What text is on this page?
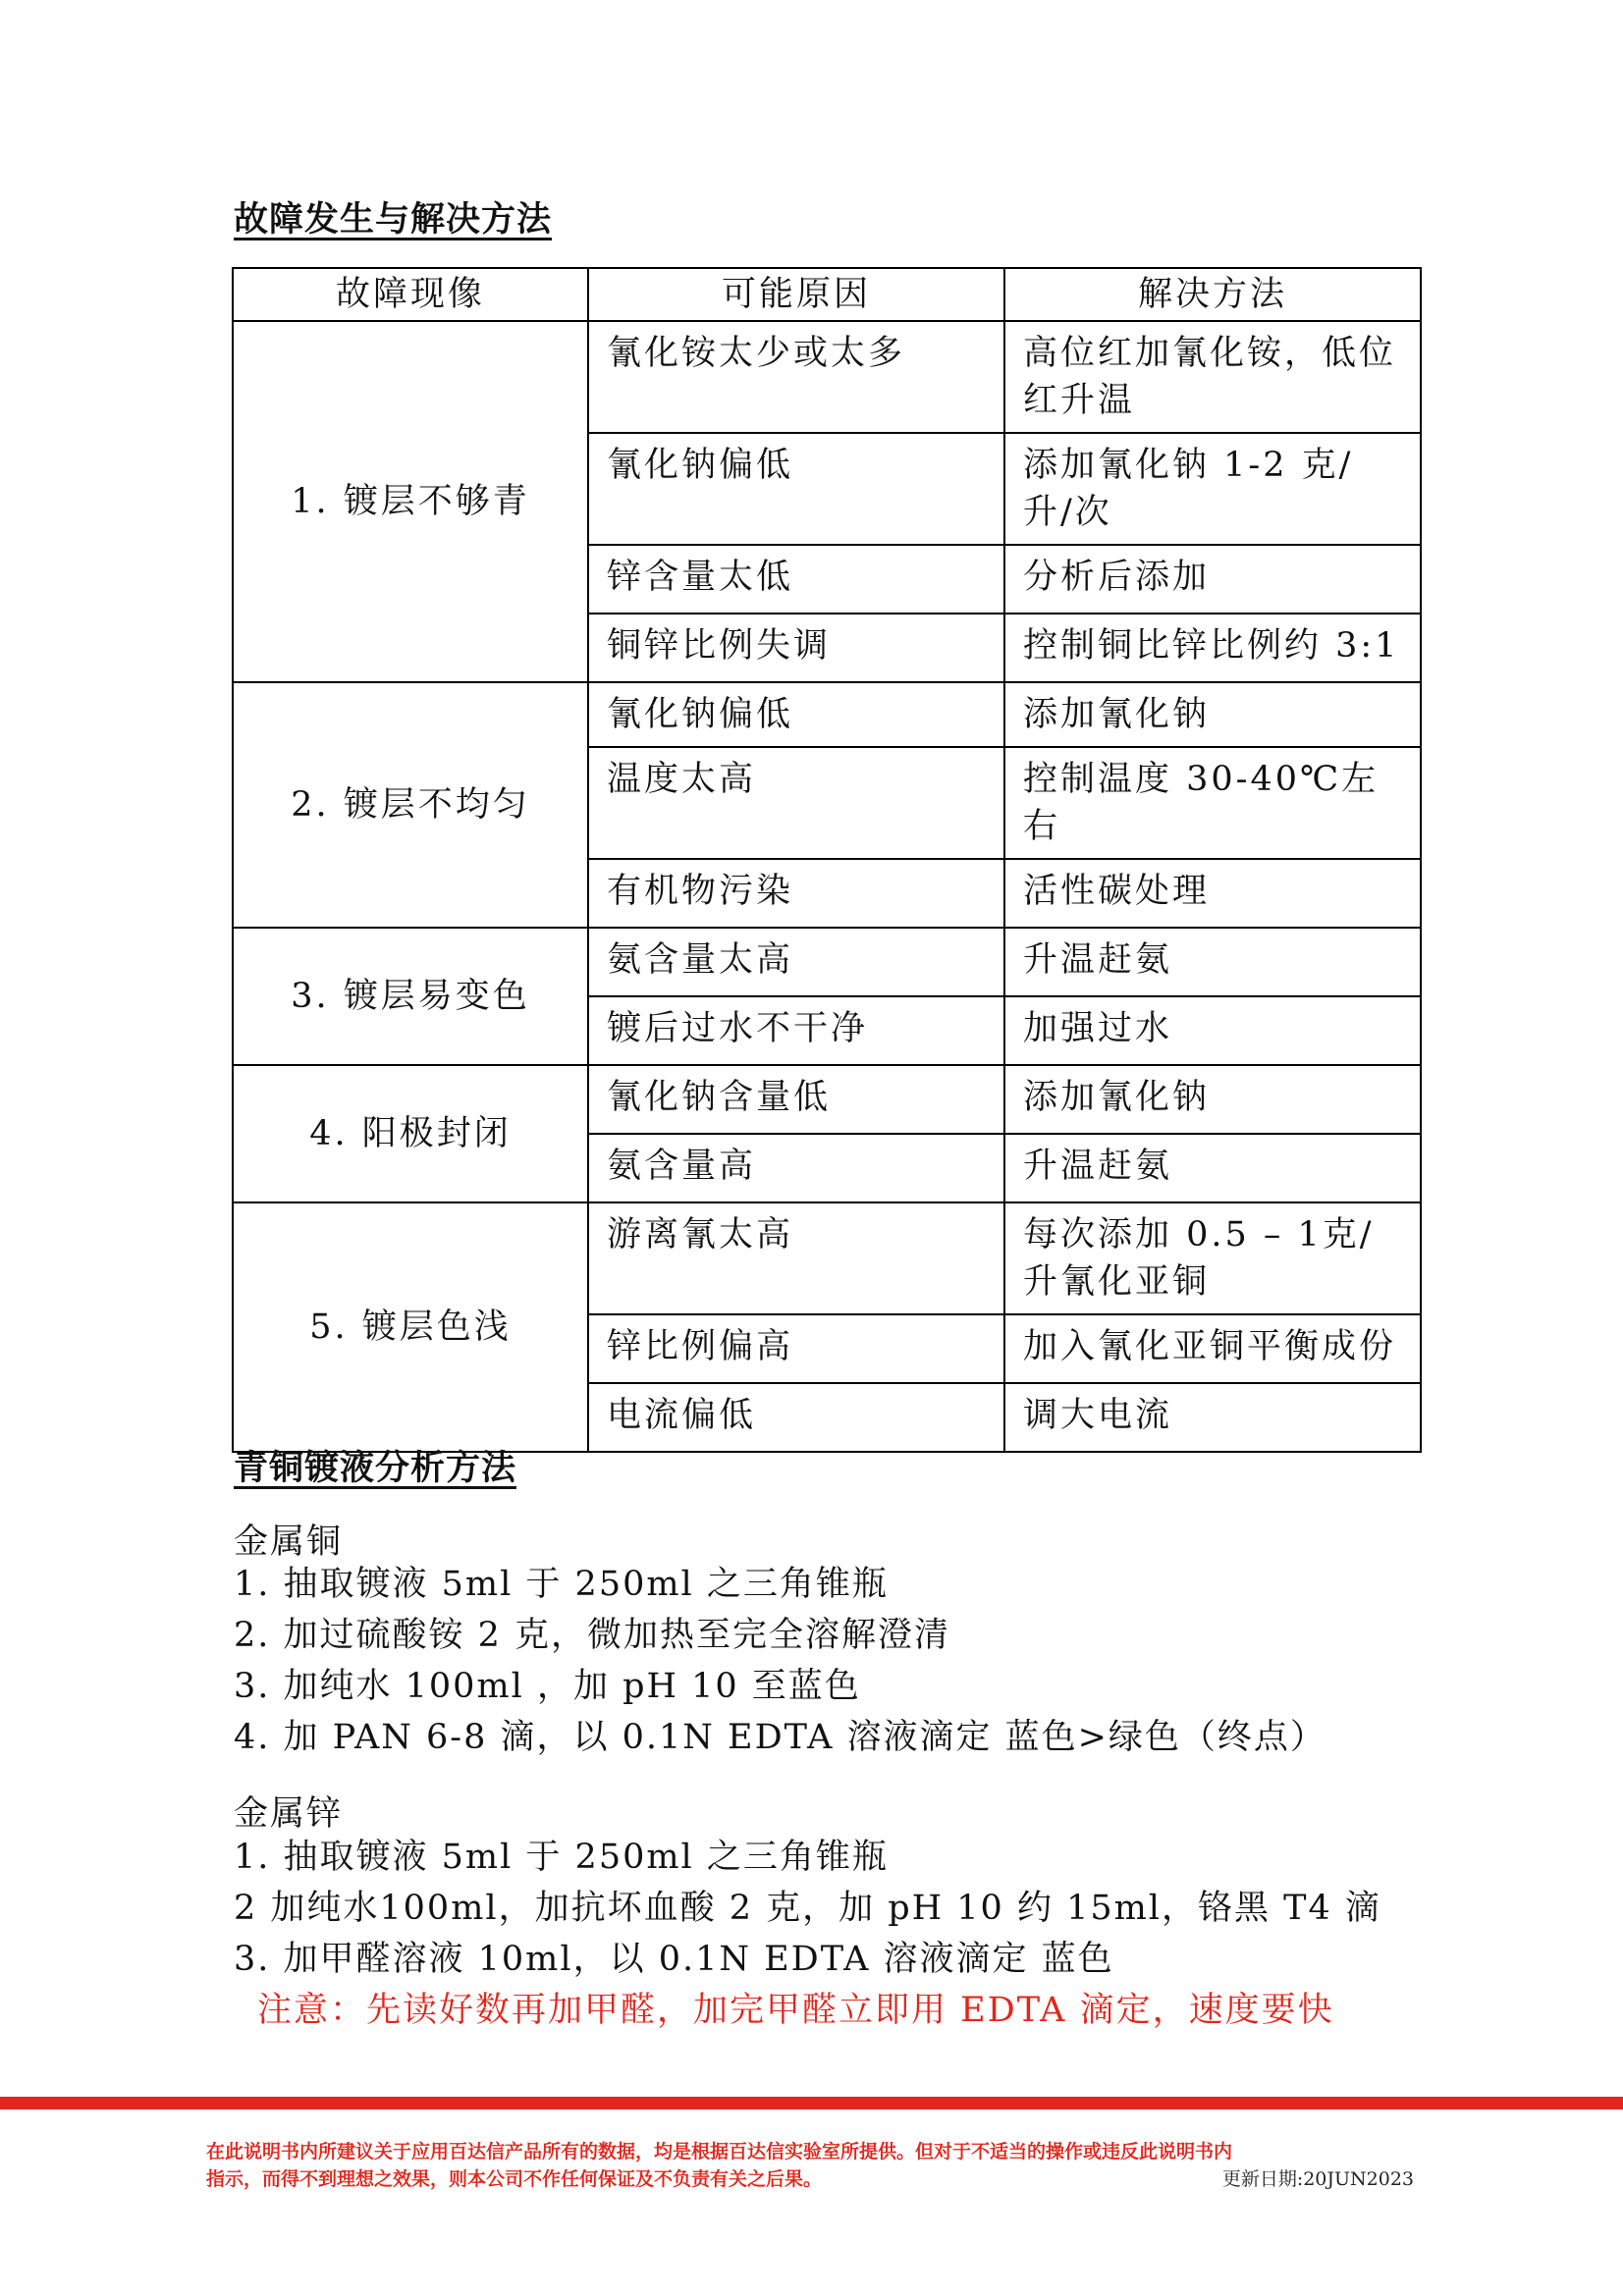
故障发生与解决方法
故障现像	可能原因	解决方法
1. 镀层不够青	氰化铵太少或太多	高位红加氰化铵，低位红升温
	氰化钠偏低	添加氰化钠 1-2 克/升/次
	锌含量太低	分析后添加
	铜锌比例失调	控制铜比锌比例约 3:1
2. 镀层不均匀	氰化钠偏低	添加氰化钠
	温度太高	控制温度 30-40℃左右
	有机物污染	活性碳处理
3. 镀层易变色	氨含量太高	升温赶氨
	镀后过水不干净	加强过水
4. 阳极封闭	氰化钠含量低	添加氰化钠
	氨含量高	升温赶氨
5. 镀层色浅	游离氰太高	每次添加 0.5 – 1克/升氰化亚铜
	锌比例偏高	加入氰化亚铜平衡成份
	电流偏低	调大电流
青铜镀液分析方法

金属铜

1. 抽取镀液 5ml 于 250ml 之三角锥瓶
2. 加过硫酸铵 2 克，微加热至完全溶解澄清
3. 加纯水 100ml ，加 pH 10 至蓝色
4. 加 PAN 6-8 滴，以 0.1N EDTA 溶液滴定 蓝色>绿色（终点）

金属锌

1. 抽取镀液 5ml 于 250ml 之三角锥瓶
2 加纯水100ml，加抗坏血酸 2 克，加 pH 10 约 15ml，铬黑 T4 滴
3. 加甲醛溶液 10ml，以 0.1N EDTA 溶液滴定 蓝色

注意：先读好数再加甲醛，加完甲醛立即用 EDTA 滴定，速度要快

在此说明书内所建议关于应用百达信产品所有的数据，均是根据百达信实验室所提供。但对于不适当的操作或违反此说明书内
指示，而得不到理想之效果，则本公司不作任何保证及不负责有关之后果。	更新日期:20JUN2023
